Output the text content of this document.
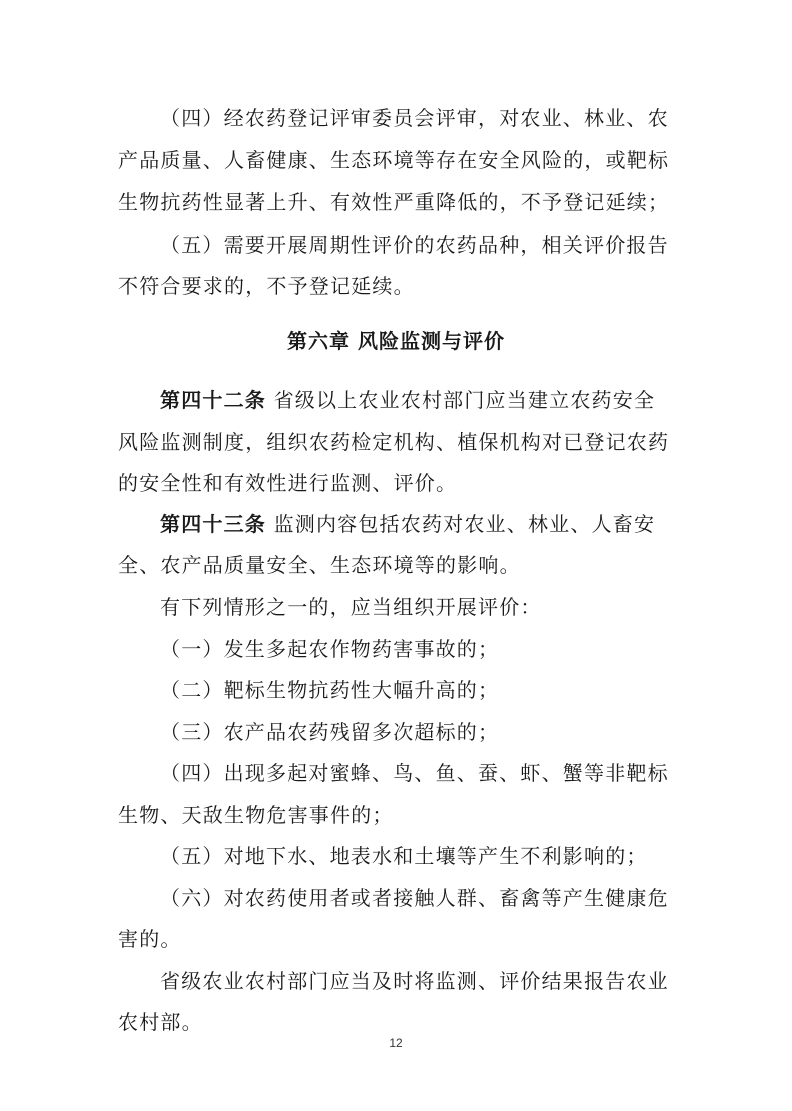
（四）经农药登记评审委员会评审，对农业、林业、农
产品质量、人畜健康、生态环境等存在安全风险的，或靶标
生物抗药性显著上升、有效性严重降低的，不予登记延续；
（五）需要开展周期性评价的农药品种，相关评价报告
不符合要求的，不予登记延续。
第六章 风险监测与评价
第四十二条 省级以上农业农村部门应当建立农药安全
风险监测制度，组织农药检定机构、植保机构对已登记农药
的安全性和有效性进行监测、评价。
第四十三条 监测内容包括农药对农业、林业、人畜安
全、农产品质量安全、生态环境等的影响。
有下列情形之一的，应当组织开展评价：
（一）发生多起农作物药害事故的；
（二）靶标生物抗药性大幅升高的；
（三）农产品农药残留多次超标的；
（四）出现多起对蜜蜂、鸟、鱼、蚕、虾、蟹等非靶标
生物、天敌生物危害事件的；
（五）对地下水、地表水和土壤等产生不利影响的；
（六）对农药使用者或者接触人群、畜禽等产生健康危
害的。
省级农业农村部门应当及时将监测、评价结果报告农业
农村部。
12
